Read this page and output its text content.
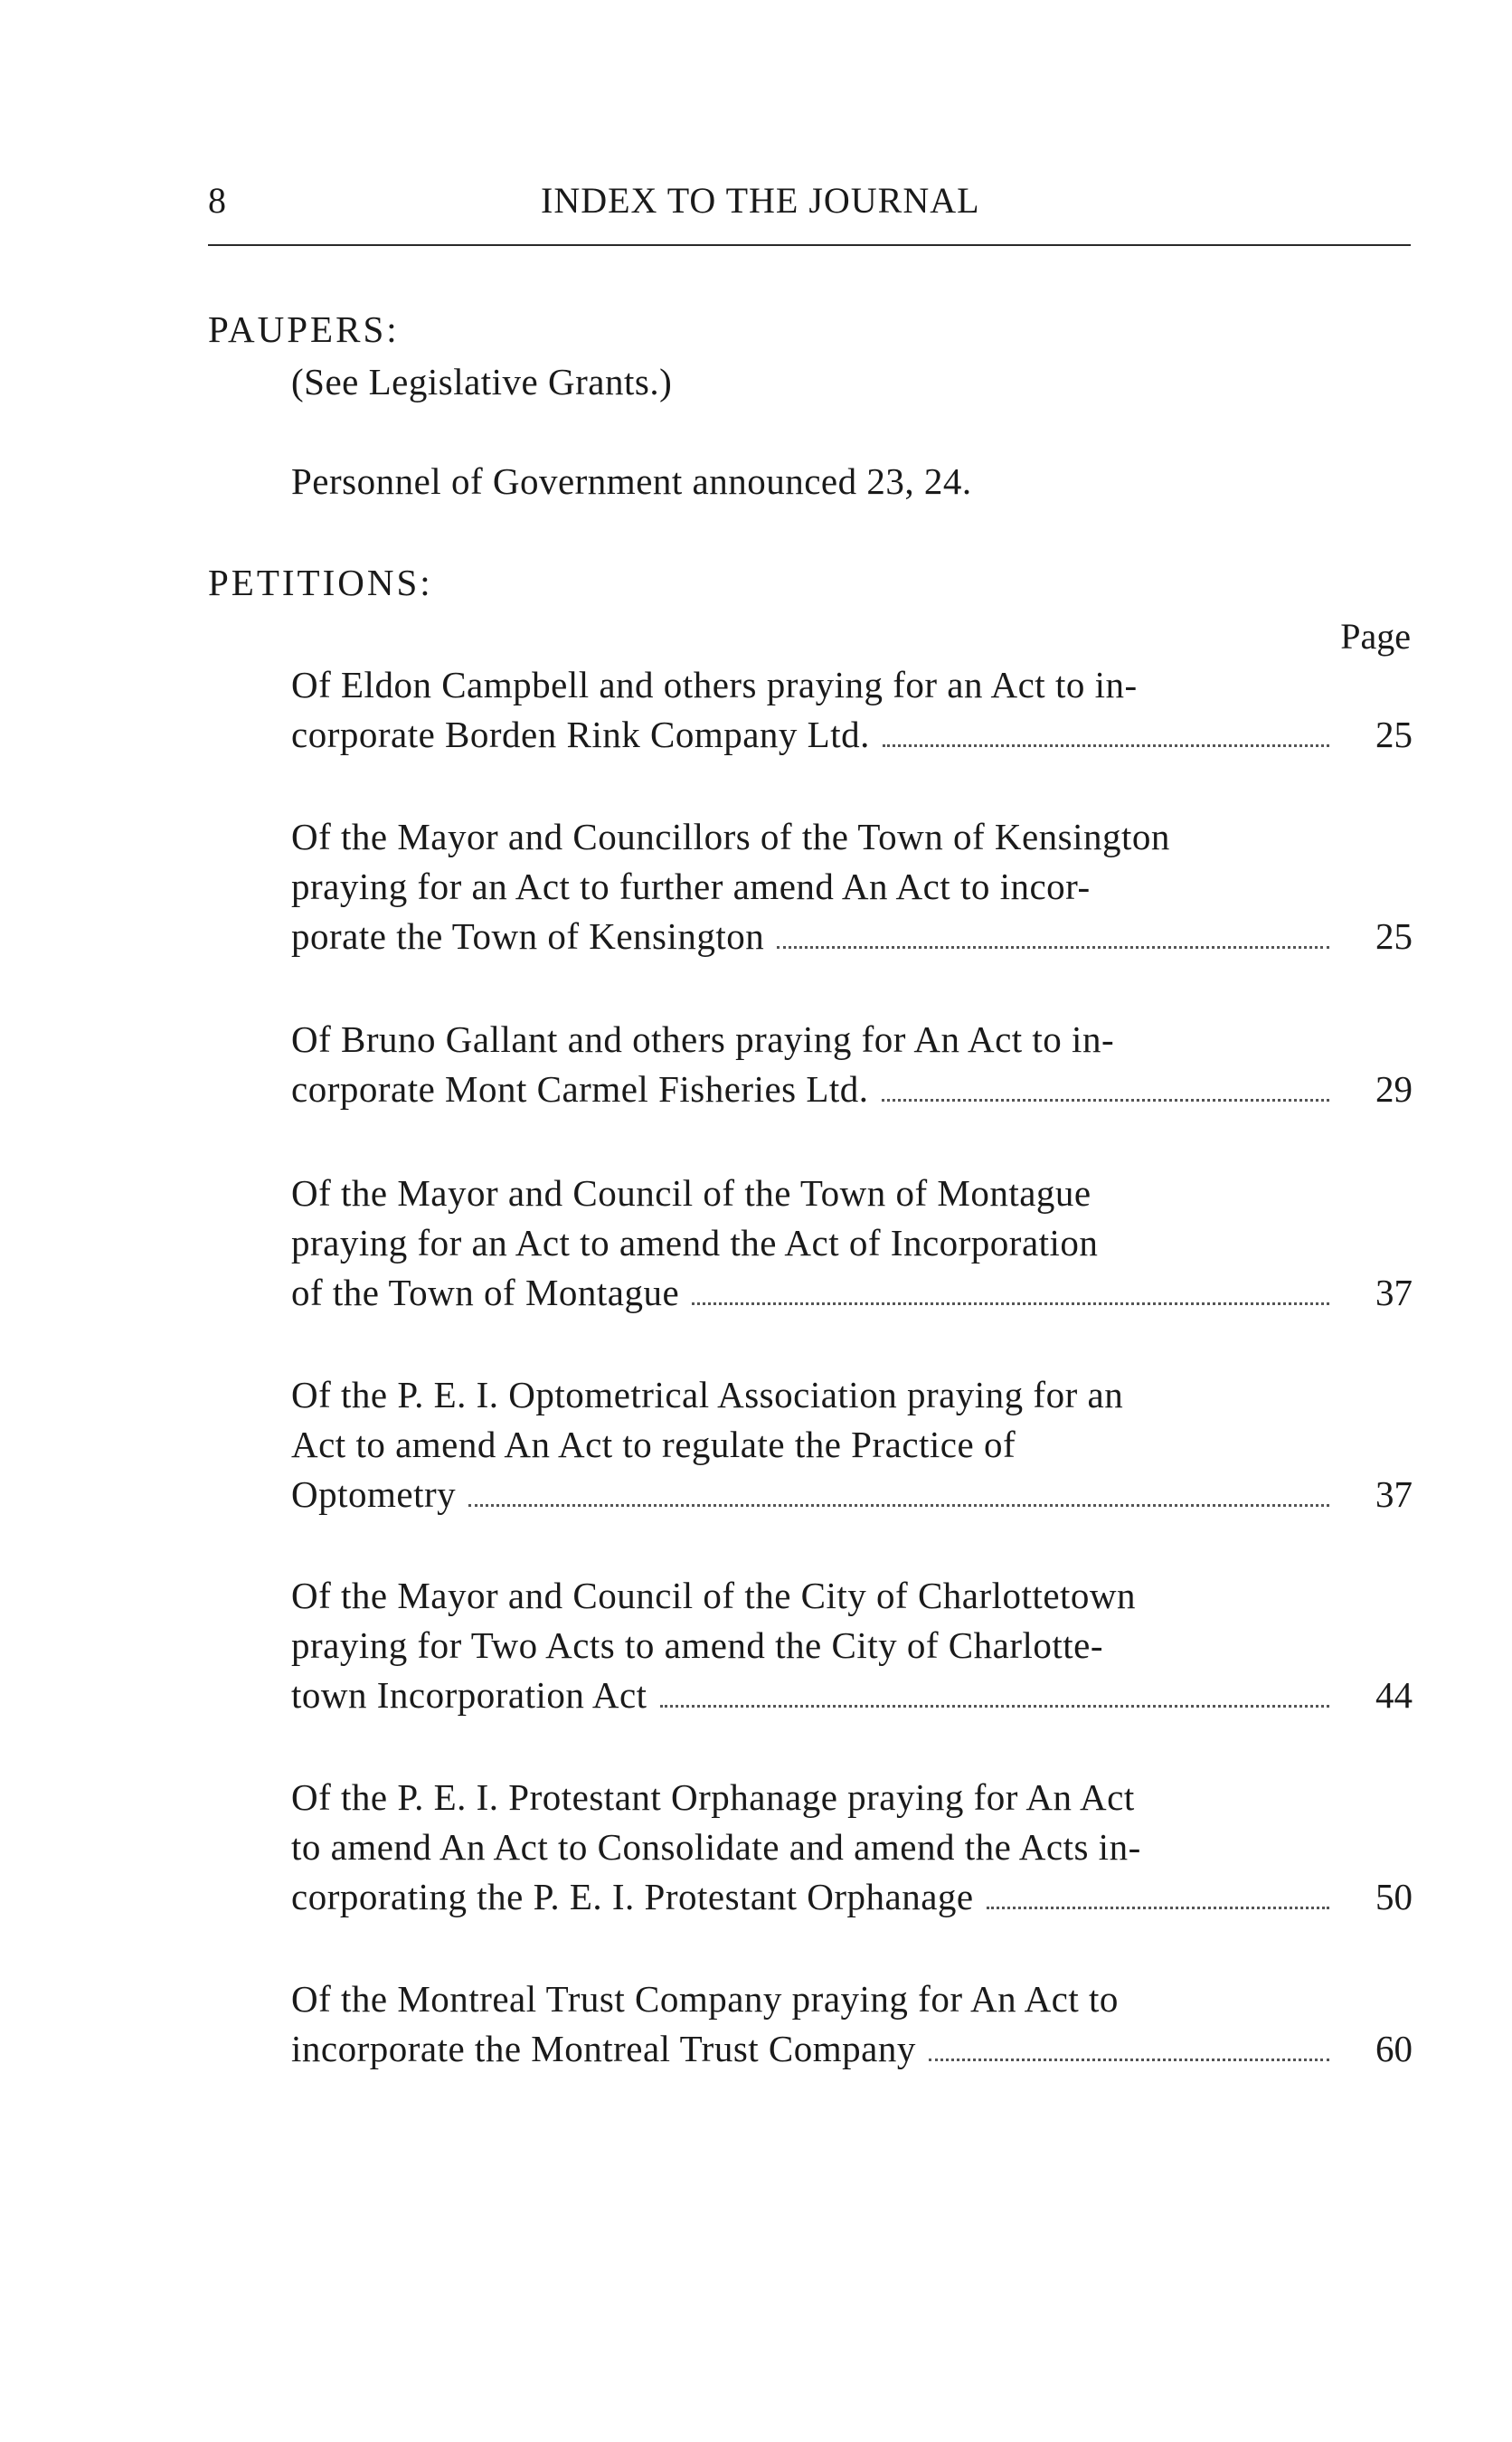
8	INDEX TO THE JOURNAL
PAUPERS:
(See Legislative Grants.)
Personnel of Government announced 23, 24.
PETITIONS:
Page
Of Eldon Campbell and others praying for an Act to in-
corporate Borden Rink Company Ltd.	25
Of the Mayor and Councillors of the Town of Kensington
praying for an Act to further amend An Act to incor-
porate the Town of Kensington	25
Of Bruno Gallant and others praying for An Act to in-
corporate Mont Carmel Fisheries Ltd.	29
Of the Mayor and Council of the Town of Montague
praying for an Act to amend the Act of Incorporation
of the Town of Montague	37
Of the P. E. I. Optometrical Association praying for an
Act to amend An Act to regulate the Practice of
Optometry	37
Of the Mayor and Council of the City of Charlottetown
praying for Two Acts to amend the City of Charlotte-
town Incorporation Act	44
Of the P. E. I. Protestant Orphanage praying for An Act
to amend An Act to Consolidate and amend the Acts in-
corporating the P. E. I. Protestant Orphanage	50
Of the Montreal Trust Company praying for An Act to
incorporate the Montreal Trust Company	60
